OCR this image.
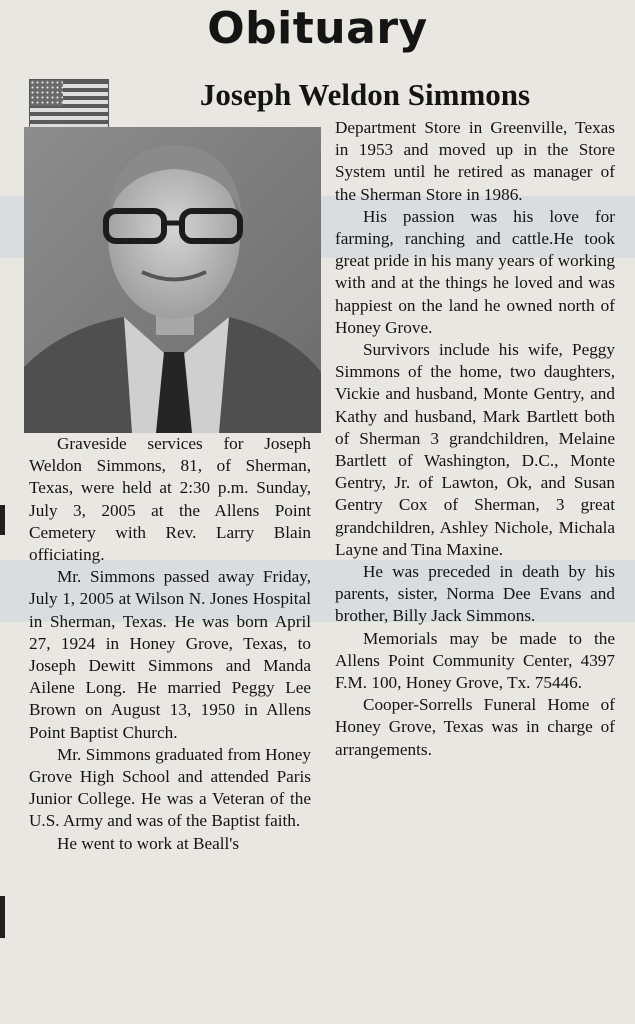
Obituary
Joseph Weldon Simmons

Graveside services for Joseph Weldon Simmons, 81, of Sherman, Texas, were held at 2:30 p.m. Sunday, July 3, 2005 at the Allens Point Cemetery with Rev. Larry Blain officiating.

Mr. Simmons passed away Friday, July 1, 2005 at Wilson N. Jones Hospital in Sherman, Texas. He was born April 27, 1924 in Honey Grove, Texas, to Joseph Dewitt Simmons and Manda Ailene Long. He married Peggy Lee Brown on August 13, 1950 in Allens Point Baptist Church.

Mr. Simmons graduated from Honey Grove High School and attended Paris Junior College. He was a Veteran of the U.S. Army and was of the Baptist faith.

He went to work at Beall's

Department Store in Greenville, Texas in 1953 and moved up in the Store System until he retired as manager of the Sherman Store in 1986.

His passion was his love for farming, ranching and cattle.He took great pride in his many years of working with and at the things he loved and was happiest on the land he owned north of Honey Grove.

Survivors include his wife, Peggy Simmons of the home, two daughters, Vickie and husband, Monte Gentry, and Kathy and husband, Mark Bartlett both of Sherman 3 grandchildren, Melaine Bartlett of Washington, D.C., Monte Gentry, Jr. of Lawton, Ok, and Susan Gentry Cox of Sherman, 3 great grandchildren, Ashley Nichole, Michala Layne and Tina Maxine.

He was preceded in death by his parents, sister, Norma Dee Evans and brother, Billy Jack Simmons.

Memorials may be made to the Allens Point Community Center, 4397 F.M. 100, Honey Grove, Tx. 75446.

Cooper-Sorrells Funeral Home of Honey Grove, Texas was in charge of arrangements.
